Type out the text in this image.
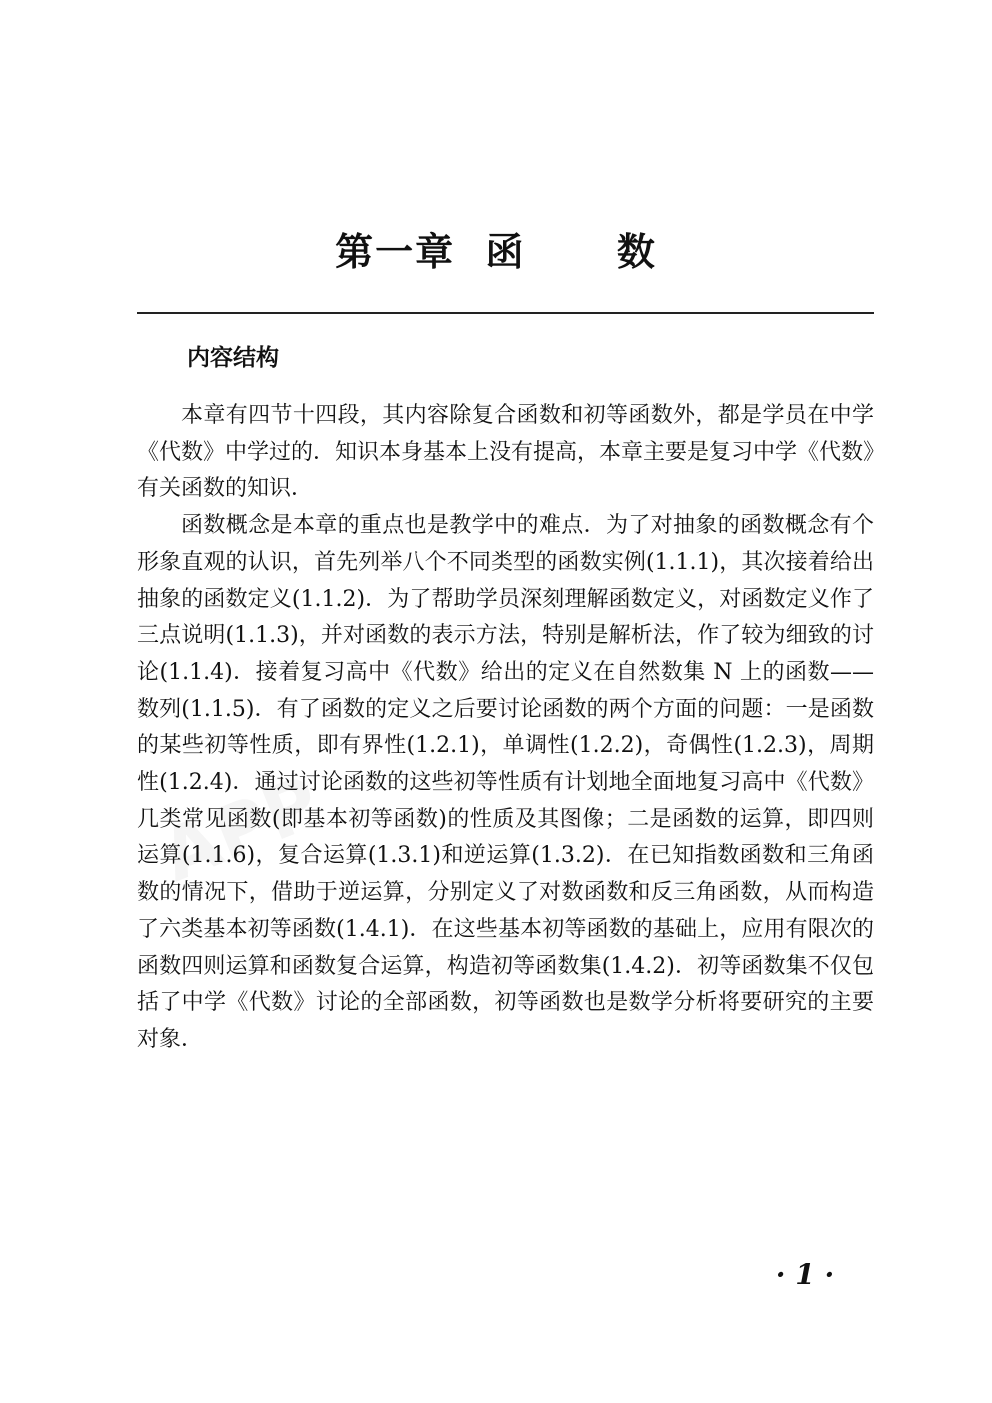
APP
第一章  函      数
内容结构

本章有四节十四段，其内容除复合函数和初等函数外，都是学员在中学《代数》中学过的．知识本身基本上没有提高，本章主要是复习中学《代数》有关函数的知识．

函数概念是本章的重点也是教学中的难点．为了对抽象的函数概念有个形象直观的认识，首先列举八个不同类型的函数实例(1.1.1)，其次接着给出抽象的函数定义(1.1.2)．为了帮助学员深刻理解函数定义，对函数定义作了三点说明(1.1.3)，并对函数的表示方法，特别是解析法，作了较为细致的讨论(1.1.4)．接着复习高中《代数》给出的定义在自然数集 N 上的函数——数列(1.1.5)．有了函数的定义之后要讨论函数的两个方面的问题：一是函数的某些初等性质，即有界性(1.2.1)，单调性(1.2.2)，奇偶性(1.2.3)，周期性(1.2.4)．通过讨论函数的这些初等性质有计划地全面地复习高中《代数》几类常见函数(即基本初等函数)的性质及其图像；二是函数的运算，即四则运算(1.1.6)，复合运算(1.3.1)和逆运算(1.3.2)．在已知指数函数和三角函数的情况下，借助于逆运算，分别定义了对数函数和反三角函数，从而构造了六类基本初等函数(1.4.1)．在这些基本初等函数的基础上，应用有限次的函数四则运算和函数复合运算，构造初等函数集(1.4.2)．初等函数集不仅包括了中学《代数》讨论的全部函数，初等函数也是数学分析将要研究的主要对象．

· 1 ·
